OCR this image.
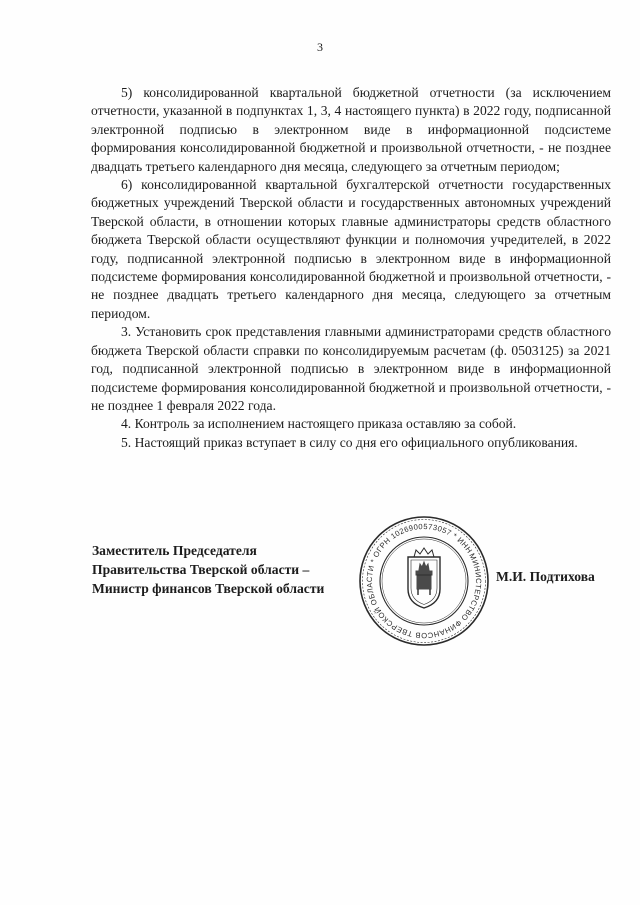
3

5) консолидированной квартальной бюджетной отчетности (за исключением отчетности, указанной в подпунктах 1, 3, 4 настоящего пункта) в 2022 году, подписанной электронной подписью в электронном виде в информационной подсистеме формирования консолидированной бюджетной и произвольной отчетности, - не позднее двадцать третьего календарного дня месяца, следующего за отчетным периодом;

6) консолидированной квартальной бухгалтерской отчетности государственных бюджетных учреждений Тверской области и государственных автономных учреждений Тверской области, в отношении которых главные администраторы средств областного бюджета Тверской области осуществляют функции и полномочия учредителей, в 2022 году, подписанной электронной подписью в электронном виде в информационной подсистеме формирования консолидированной бюджетной и произвольной отчетности, - не позднее двадцать третьего календарного дня месяца, следующего за отчетным периодом.

3. Установить срок представления главными администраторами средств областного бюджета Тверской области справки по консолидируемым расчетам (ф. 0503125) за 2021 год, подписанной электронной подписью в электронном виде в информационной подсистеме формирования консолидированной бюджетной и произвольной отчетности, - не позднее 1 февраля 2022 года.

4. Контроль за исполнением настоящего приказа оставляю за собой.

5. Настоящий приказ вступает в силу со дня его официального опубликования.

Заместитель Председателя
Правительства Тверской области –
Министр финансов Тверской области
МИНИСТЕРСТВО ФИНАНСОВ ТВЕРСКОЙ ОБЛАСТИ * ОГРН 1026900573057 * ИНН
М.И. Подтихова
